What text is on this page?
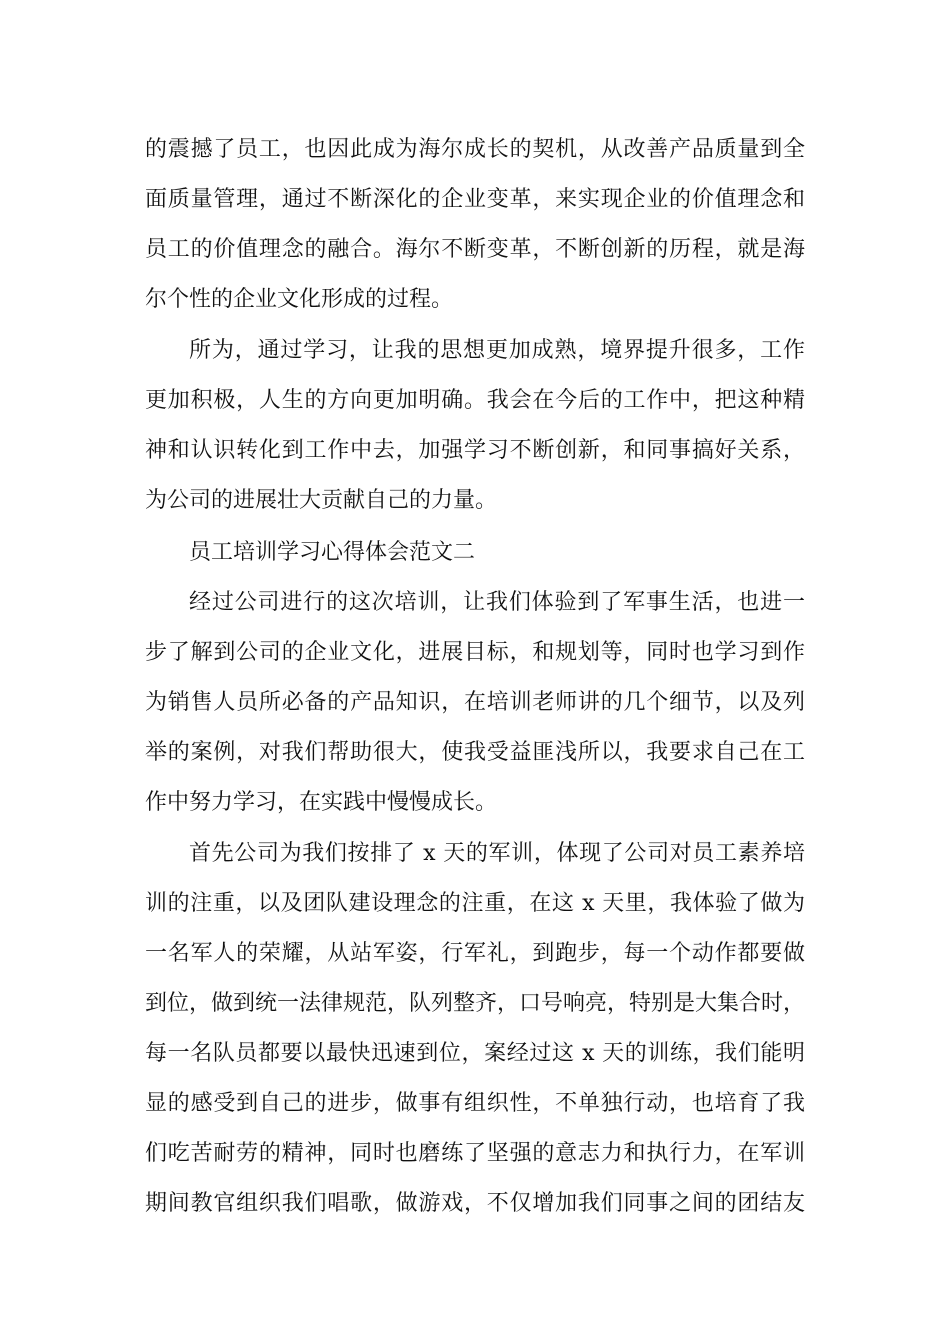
的震撼了员工，也因此成为海尔成长的契机，从改善产品质量到全
面质量管理，通过不断深化的企业变革，来实现企业的价值理念和
员工的价值理念的融合。海尔不断变革，不断创新的历程，就是海
尔个性的企业文化形成的过程。
所为，通过学习，让我的思想更加成熟，境界提升很多，工作
更加积极，人生的方向更加明确。我会在今后的工作中，把这种精
神和认识转化到工作中去，加强学习不断创新，和同事搞好关系，
为公司的进展壮大贡献自己的力量。
员工培训学习心得体会范文二
经过公司进行的这次培训，让我们体验到了军事生活，也进一
步了解到公司的企业文化，进展目标，和规划等，同时也学习到作
为销售人员所必备的产品知识，在培训老师讲的几个细节，以及列
举的案例，对我们帮助很大，使我受益匪浅所以，我要求自己在工
作中努力学习，在实践中慢慢成长。
首先公司为我们按排了 x 天的军训，体现了公司对员工素养培
训的注重，以及团队建设理念的注重，在这 x 天里，我体验了做为
一名军人的荣耀，从站军姿，行军礼，到跑步，每一个动作都要做
到位，做到统一法律规范，队列整齐，口号响亮，特别是大集合时，
每一名队员都要以最快迅速到位，案经过这 x 天的训练，我们能明
显的感受到自己的进步，做事有组织性，不单独行动，也培育了我
们吃苦耐劳的精神，同时也磨练了坚强的意志力和执行力，在军训
期间教官组织我们唱歌，做游戏，不仅增加我们同事之间的团结友
